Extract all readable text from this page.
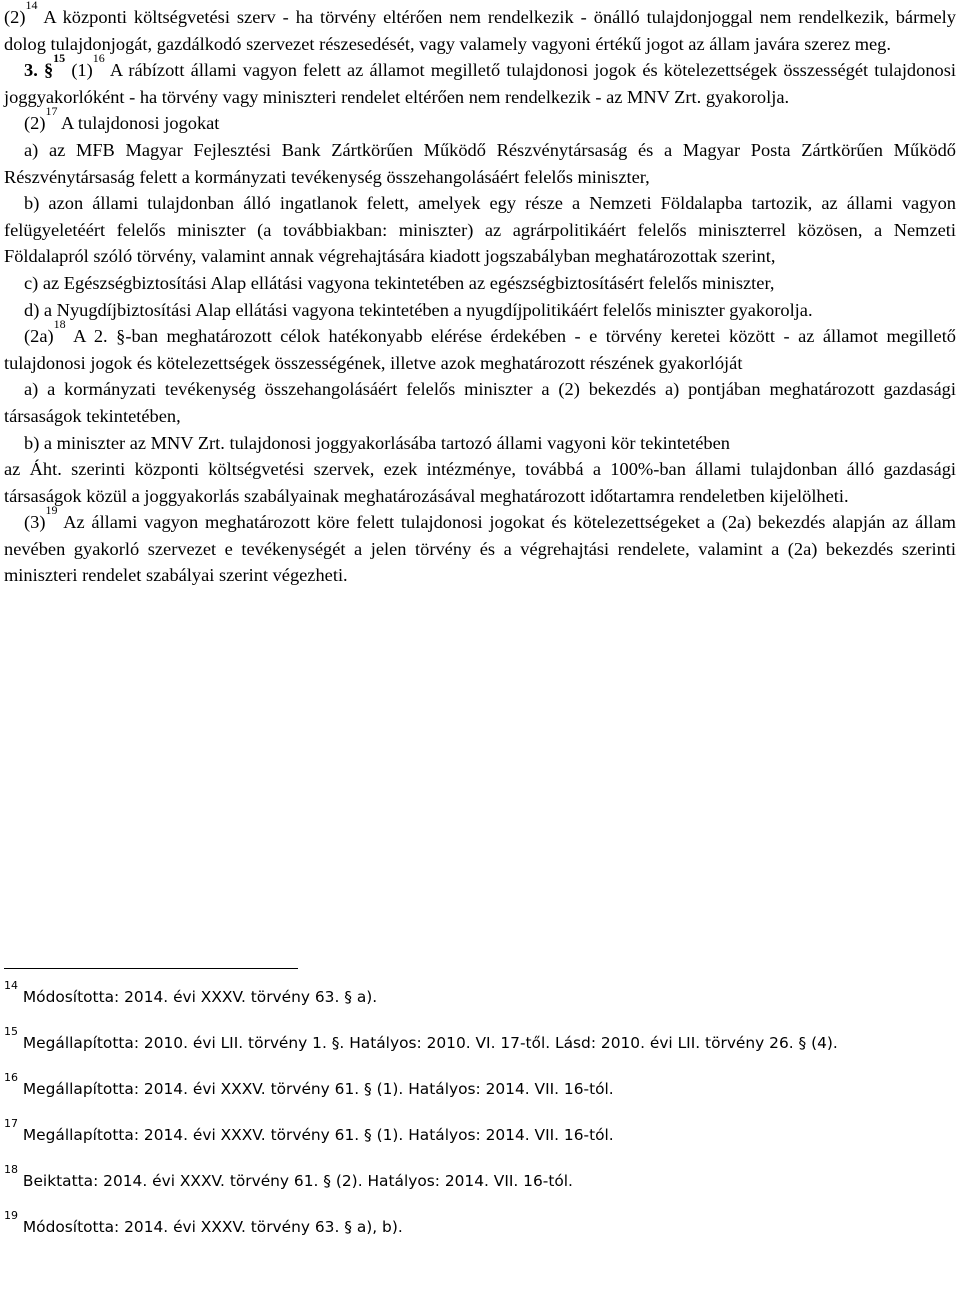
$(2)^{14}$ A központi költségvetési szerv - ha törvény eltérően nem rendelkezik - önálló tulajdonjoggal nem rendelkezik, bármely dolog tulajdonjogát, gazdálkodó szervezet részesedését, vagy valamely vagyoni értékű jogot az állam javára szerez meg.

3. §$^{15}$ $(1)^{16}$ A rábízott állami vagyon felett az államot megillető tulajdonosi jogok és kötelezettségek összességét tulajdonosi joggyakorlóként - ha törvény vagy miniszteri rendelet eltérően nem rendelkezik - az MNV Zrt. gyakorolja.

$(2)^{17}$ A tulajdonosi jogokat

a) az MFB Magyar Fejlesztési Bank Zártkörűen Működő Részvénytársaság és a Magyar Posta Zártkörűen Működő Részvénytársaság felett a kormányzati tevékenység összehangolásáért felelős miniszter,

b) azon állami tulajdonban álló ingatlanok felett, amelyek egy része a Nemzeti Földalapba tartozik, az állami vagyon felügyeletéért felelős miniszter (a továbbiakban: miniszter) az agrárpolitikáért felelős miniszterrel közösen, a Nemzeti Földalapról szóló törvény, valamint annak végrehajtására kiadott jogszabályban meghatározottak szerint,

c) az Egészségbiztosítási Alap ellátási vagyona tekintetében az egészségbiztosításért felelős miniszter,

d) a Nyugdíjbiztosítási Alap ellátási vagyona tekintetében a nyugdíjpolitikáért felelős miniszter gyakorolja.

$(2a)^{18}$ A 2. §-ban meghatározott célok hatékonyabb elérése érdekében - e törvény keretei között - az államot megillető tulajdonosi jogok és kötelezettségek összességének, illetve azok meghatározott részének gyakorlóját

a) a kormányzati tevékenység összehangolásáért felelős miniszter a (2) bekezdés a) pontjában meghatározott gazdasági társaságok tekintetében,

b) a miniszter az MNV Zrt. tulajdonosi joggyakorlásába tartozó állami vagyoni kör tekintetében

az Áht. szerinti központi költségvetési szervek, ezek intézménye, továbbá a 100%-ban állami tulajdonban álló gazdasági társaságok közül a joggyakorlás szabályainak meghatározásával meghatározott időtartamra rendeletben kijelölheti.

$(3)^{19}$ Az állami vagyon meghatározott köre felett tulajdonosi jogokat és kötelezettségeket a (2a) bekezdés alapján az állam nevében gyakorló szervezet e tevékenységét a jelen törvény és a végrehajtási rendelete, valamint a (2a) bekezdés szerinti miniszteri rendelet szabályai szerint végezheti.

$^{14}$ Módosította: 2014. évi XXXV. törvény 63. § a).

$^{15}$ Megállapította: 2010. évi LII. törvény 1. §. Hatályos: 2010. VI. 17-től. Lásd: 2010. évi LII. törvény 26. § (4).

$^{16}$ Megállapította: 2014. évi XXXV. törvény 61. § (1). Hatályos: 2014. VII. 16-tól.

$^{17}$ Megállapította: 2014. évi XXXV. törvény 61. § (1). Hatályos: 2014. VII. 16-tól.

$^{18}$ Beiktatta: 2014. évi XXXV. törvény 61. § (2). Hatályos: 2014. VII. 16-tól.

$^{19}$ Módosította: 2014. évi XXXV. törvény 63. § a), b).
